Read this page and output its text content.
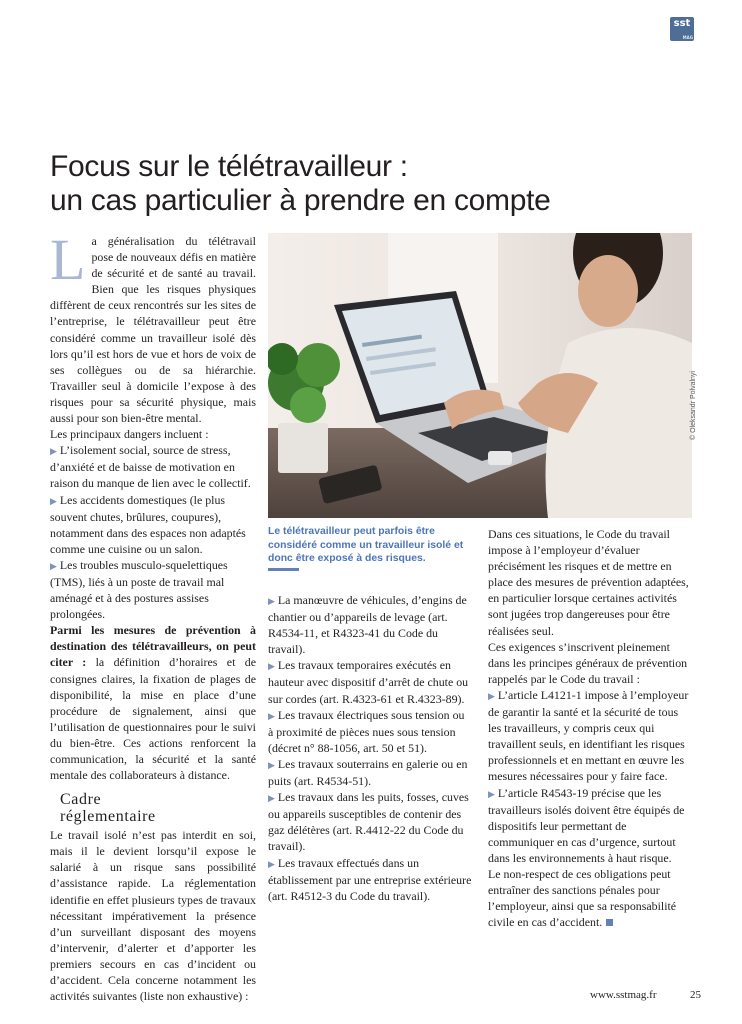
sst
MAG
Focus sur le télétravailleur :
un cas particulier à prendre en compte

La généralisation du télétravail pose de nouveaux défis en matière de sécurité et de santé au travail. Bien que les risques physiques diffèrent de ceux rencontrés sur les sites de l’entreprise, le télétravailleur peut être considéré comme un travailleur isolé dès lors qu’il est hors de vue et hors de voix de ses collègues ou de sa hiérarchie. Travailler seul à domicile l’expose à des risques pour sa sécurité physique, mais aussi pour son bien-être mental.

Les principaux dangers incluent :

▶ L’isolement social, source de stress, d’anxiété et de baisse de motivation en raison du manque de lien avec le collectif.

▶ Les accidents domestiques (le plus souvent chutes, brûlures, coupures), notamment dans des espaces non adaptés comme une cuisine ou un salon.

▶ Les troubles musculo-squelettiques (TMS), liés à un poste de travail mal aménagé et à des postures assises prolongées.

Parmi les mesures de prévention à destination des télétravailleurs, on peut citer : la définition d’horaires et de consignes claires, la fixation de plages de disponibilité, la mise en place d’une procédure de signalement, ainsi que l’utilisation de questionnaires pour le suivi du bien-être. Ces actions renforcent la communication, la sécurité et la santé mentale des collaborateurs à distance.

Cadre
réglementaire

Le travail isolé n’est pas interdit en soi, mais il le devient lorsqu’il expose le salarié à un risque sans possibilité d’assistance rapide. La réglementation identifie en effet plusieurs types de travaux nécessitant impérativement la présence d’un surveillant disposant des moyens d’intervenir, d’alerter et d’apporter les premiers secours en cas d’incident ou d’accident. Cela concerne notamment les activités suivantes (liste non exhaustive) :

© Oleksandr Polvalnyi
Le télétravailleur peut parfois être considéré comme un travailleur isolé et donc être exposé à des risques.

▶ La manœuvre de véhicules, d’engins de chantier ou d’appareils de levage (art. R4534-11, et R4323-41 du Code du travail).

▶ Les travaux temporaires exécutés en hauteur avec dispositif d’arrêt de chute ou sur cordes (art. R.4323-61 et R.4323-89).

▶ Les travaux électriques sous tension ou à proximité de pièces nues sous tension (décret n° 88-1056, art. 50 et 51).

▶ Les travaux souterrains en galerie ou en puits (art. R4534-51).

▶ Les travaux dans les puits, fosses, cuves ou appareils susceptibles de contenir des gaz délétères (art. R.4412-22 du Code du travail).

▶ Les travaux effectués dans un établissement par une entreprise extérieure (art. R4512-3 du Code du travail).

Dans ces situations, le Code du travail impose à l’employeur d’évaluer précisément les risques et de mettre en place des mesures de prévention adaptées, en particulier lorsque certaines activités sont jugées trop dangereuses pour être réalisées seul.

Ces exigences s’inscrivent pleinement dans les principes généraux de prévention rappelés par le Code du travail :

▶ L’article L4121-1 impose à l’employeur de garantir la santé et la sécurité de tous les travailleurs, y compris ceux qui travaillent seuls, en identifiant les risques professionnels et en mettant en œuvre les mesures nécessaires pour y faire face.

▶ L’article R4543-19 précise que les travailleurs isolés doivent être équipés de dispositifs leur permettant de communiquer en cas d’urgence, surtout dans les environnements à haut risque.

Le non-respect de ces obligations peut entraîner des sanctions pénales pour l’employeur, ainsi que sa responsabilité civile en cas d’accident.

www.sstmag.fr	25
